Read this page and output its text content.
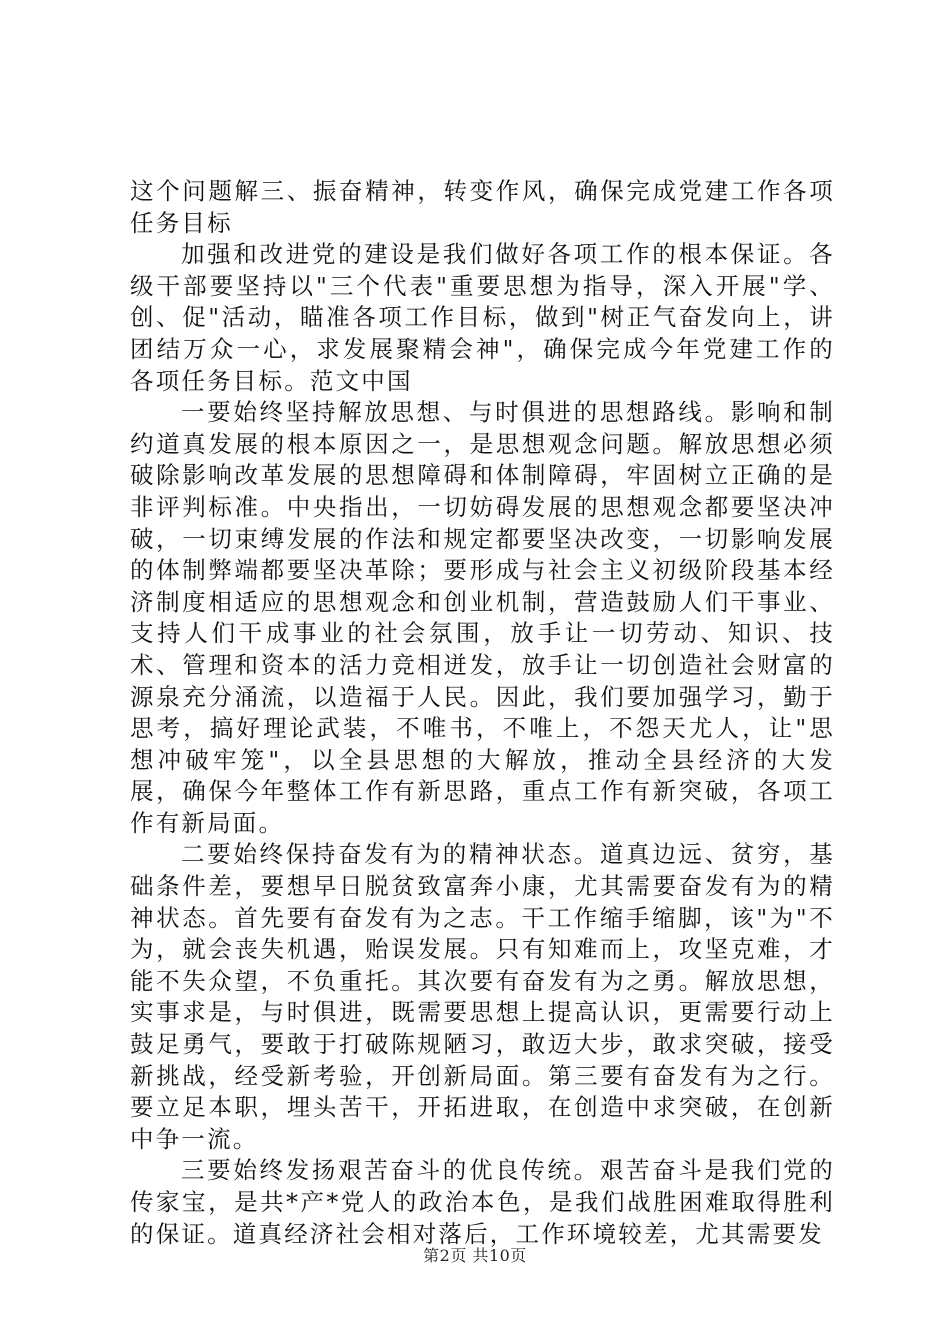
这个问题解三、振奋精神，转变作风，确保完成党建工作各项任务目标

加强和改进党的建设是我们做好各项工作的根本保证。各级干部要坚持以"三个代表"重要思想为指导，深入开展"学、创、促"活动，瞄准各项工作目标，做到"树正气奋发向上，讲团结万众一心，求发展聚精会神"，确保完成今年党建工作的各项任务目标。范文中国

一要始终坚持解放思想、与时俱进的思想路线。影响和制约道真发展的根本原因之一，是思想观念问题。解放思想必须破除影响改革发展的思想障碍和体制障碍，牢固树立正确的是非评判标准。中央指出，一切妨碍发展的思想观念都要坚决冲破，一切束缚发展的作法和规定都要坚决改变，一切影响发展的体制弊端都要坚决革除；要形成与社会主义初级阶段基本经济制度相适应的思想观念和创业机制，营造鼓励人们干事业、支持人们干成事业的社会氛围，放手让一切劳动、知识、技术、管理和资本的活力竞相迸发，放手让一切创造社会财富的源泉充分涌流，以造福于人民。因此，我们要加强学习，勤于思考，搞好理论武装，不唯书，不唯上，不怨天尤人，让"思想冲破牢笼"，以全县思想的大解放，推动全县经济的大发展，确保今年整体工作有新思路，重点工作有新突破，各项工作有新局面。

二要始终保持奋发有为的精神状态。道真边远、贫穷，基础条件差，要想早日脱贫致富奔小康，尤其需要奋发有为的精神状态。首先要有奋发有为之志。干工作缩手缩脚，该"为"不为，就会丧失机遇，贻误发展。只有知难而上，攻坚克难，才能不失众望，不负重托。其次要有奋发有为之勇。解放思想，实事求是，与时俱进，既需要思想上提高认识，更需要行动上鼓足勇气，要敢于打破陈规陋习，敢迈大步，敢求突破，接受新挑战，经受新考验，开创新局面。第三要有奋发有为之行。要立足本职，埋头苦干，开拓进取，在创造中求突破，在创新中争一流。

三要始终发扬艰苦奋斗的优良传统。艰苦奋斗是我们党的传家宝，是共*产*党人的政治本色，是我们战胜困难取得胜利的保证。道真经济社会相对落后，工作环境较差，尤其需要发

第2页 共10页
